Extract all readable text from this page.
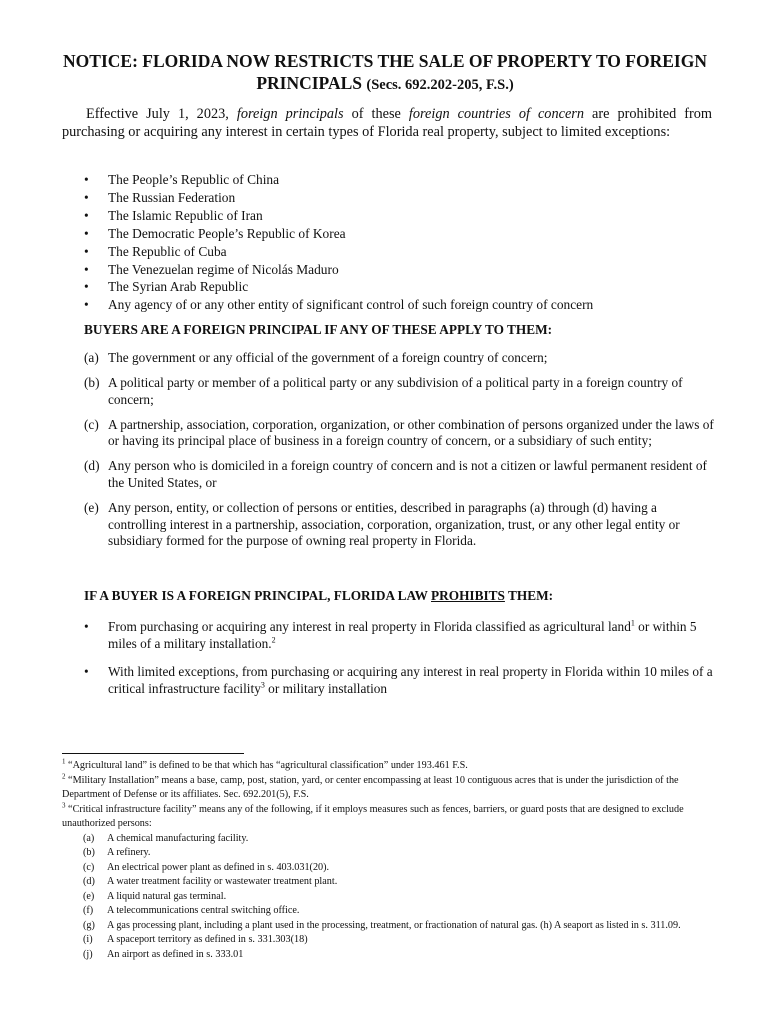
NOTICE: FLORIDA NOW RESTRICTS THE SALE OF PROPERTY TO FOREIGN PRINCIPALS (Secs. 692.202-205, F.S.)

Effective July 1, 2023, foreign principals of these foreign countries of concern are prohibited from purchasing or acquiring any interest in certain types of Florida real property, subject to limited exceptions:

• The People’s Republic of China
• The Russian Federation
• The Islamic Republic of Iran
• The Democratic People’s Republic of Korea
• The Republic of Cuba
• The Venezuelan regime of Nicolás Maduro
• The Syrian Arab Republic
• Any agency of or any other entity of significant control of such foreign country of concern
BUYERS ARE A FOREIGN PRINCIPAL IF ANY OF THESE APPLY TO THEM:
(a) The government or any official of the government of a foreign country of concern;
(b) A political party or member of a political party or any subdivision of a political party in a foreign country of concern;
(c) A partnership, association, corporation, organization, or other combination of persons organized under the laws of or having its principal place of business in a foreign country of concern, or a subsidiary of such entity;
(d) Any person who is domiciled in a foreign country of concern and is not a citizen or lawful permanent resident of the United States, or
(e) Any person, entity, or collection of persons or entities, described in paragraphs (a) through (d) having a controlling interest in a partnership, association, corporation, organization, trust, or any other legal entity or subsidiary formed for the purpose of owning real property in Florida.
IF A BUYER IS A FOREIGN PRINCIPAL, FLORIDA LAW PROHIBITS THEM:
• From purchasing or acquiring any interest in real property in Florida classified as agricultural land$^1$ or within 5 miles of a military installation.$^2$
• With limited exceptions, from purchasing or acquiring any interest in real property in Florida within 10 miles of a critical infrastructure facility$^3$ or military installation

$^1$ “Agricultural land” is defined to be that which has “agricultural classification” under 193.461 F.S.

$^2$ “Military Installation” means a base, camp, post, station, yard, or center encompassing at least 10 contiguous acres that is under the jurisdiction of the Department of Defense or its affiliates. Sec. 692.201(5), F.S.

$^3$ “Critical infrastructure facility” means any of the following, if it employs measures such as fences, barriers, or guard posts that are designed to exclude unauthorized persons:

(a) A chemical manufacturing facility.
(b) A refinery.
(c) An electrical power plant as defined in s. 403.031(20).
(d) A water treatment facility or wastewater treatment plant.
(e) A liquid natural gas terminal.
(f) A telecommunications central switching office.
(g) A gas processing plant, including a plant used in the processing, treatment, or fractionation of natural gas. (h) A seaport as listed in s. 311.09.
(i) A spaceport territory as defined in s. 331.303(18)
(j) An airport as defined in s. 333.01
